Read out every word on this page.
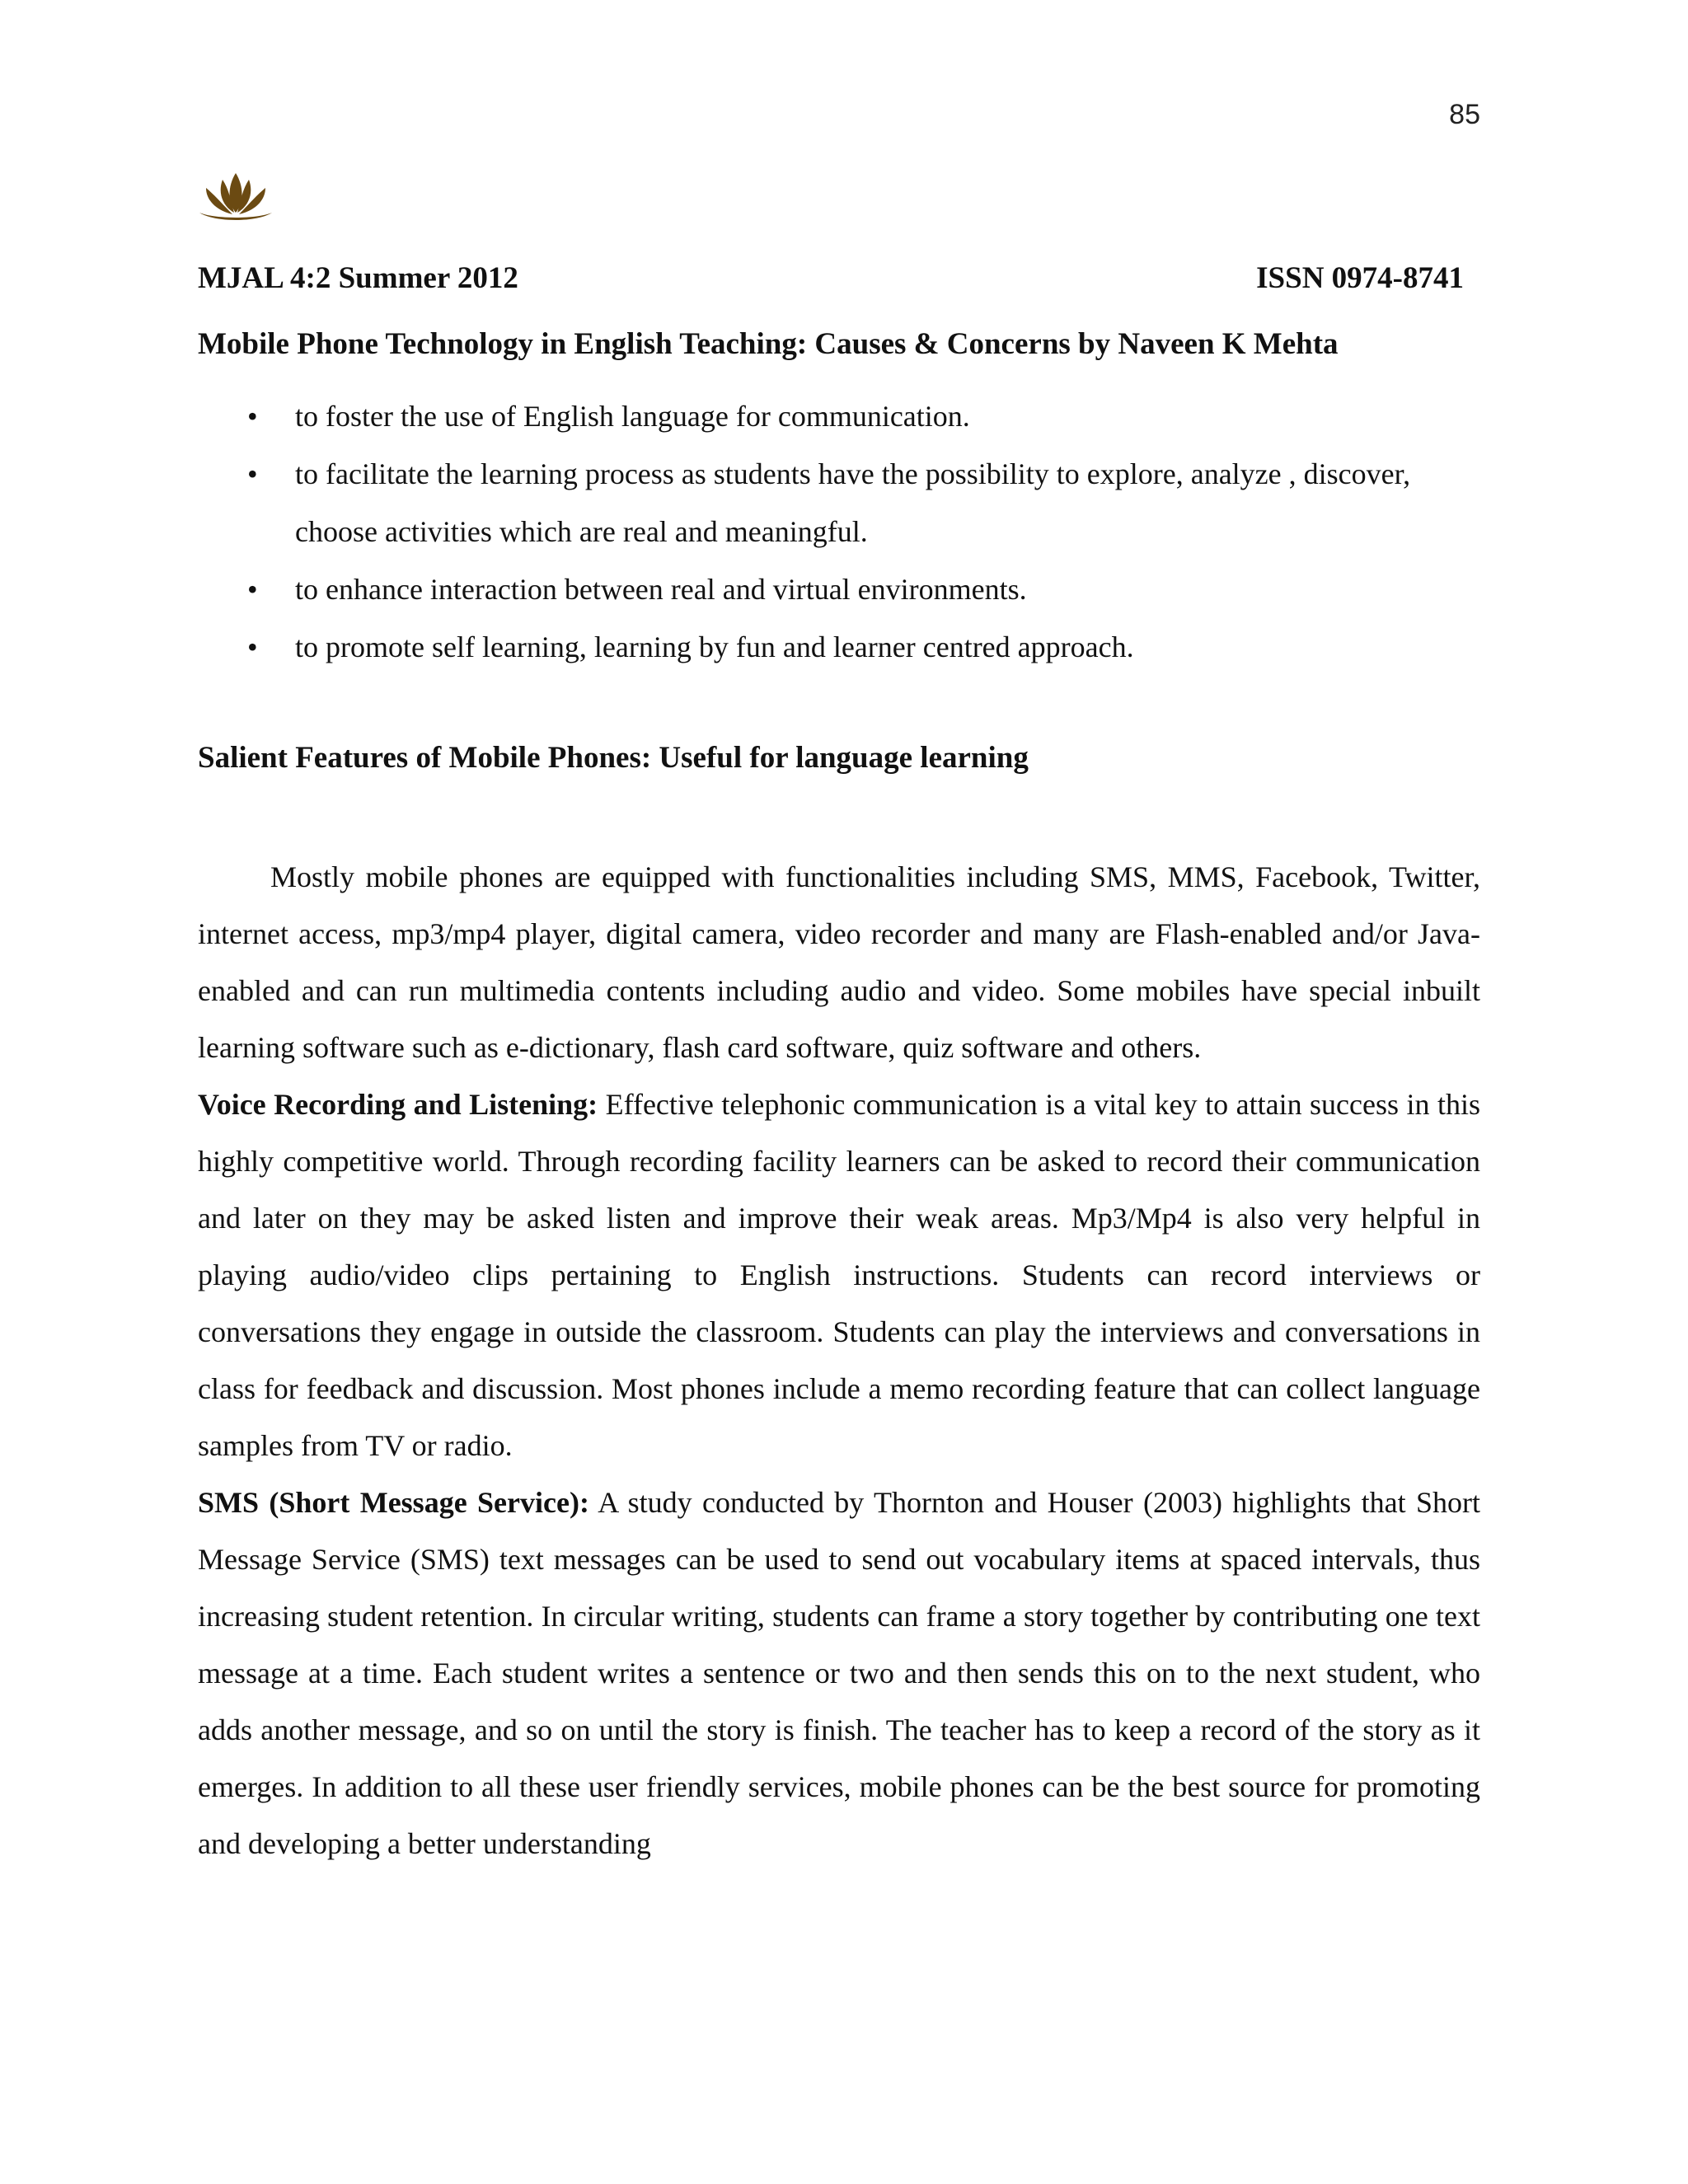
85
MJAL 4:2 Summer 2012	ISSN 0974-8741
Mobile Phone Technology in English Teaching: Causes & Concerns by Naveen K Mehta
• to foster the use of English language for communication.
• to facilitate the learning process as students have the possibility to explore, analyze , discover, choose activities which are real and meaningful.
• to enhance interaction between real and virtual environments.
• to promote self learning, learning by fun and learner centred approach.
Salient Features of Mobile Phones: Useful for language learning

Mostly mobile phones are equipped with functionalities including SMS, MMS, Facebook, Twitter, internet access, mp3/mp4 player, digital camera, video recorder and many are Flash-enabled and/or Java-enabled and can run multimedia contents including audio and video. Some mobiles have special inbuilt learning software such as e-dictionary, flash card software, quiz software and others.

Voice Recording and Listening: Effective telephonic communication is a vital key to attain success in this highly competitive world. Through recording facility learners can be asked to record their communication and later on they may be asked listen and improve their weak areas. Mp3/Mp4 is also very helpful in playing audio/video clips pertaining to English instructions. Students can record interviews or conversations they engage in outside the classroom. Students can play the interviews and conversations in class for feedback and discussion. Most phones include a memo recording feature that can collect language samples from TV or radio.

SMS (Short Message Service): A study conducted by Thornton and Houser (2003) highlights that Short Message Service (SMS) text messages can be used to send out vocabulary items at spaced intervals, thus increasing student retention. In circular writing, students can frame a story together by contributing one text message at a time. Each student writes a sentence or two and then sends this on to the next student, who adds another message, and so on until the story is finish. The teacher has to keep a record of the story as it emerges. In addition to all these user friendly services, mobile phones can be the best source for promoting and developing a better understanding
